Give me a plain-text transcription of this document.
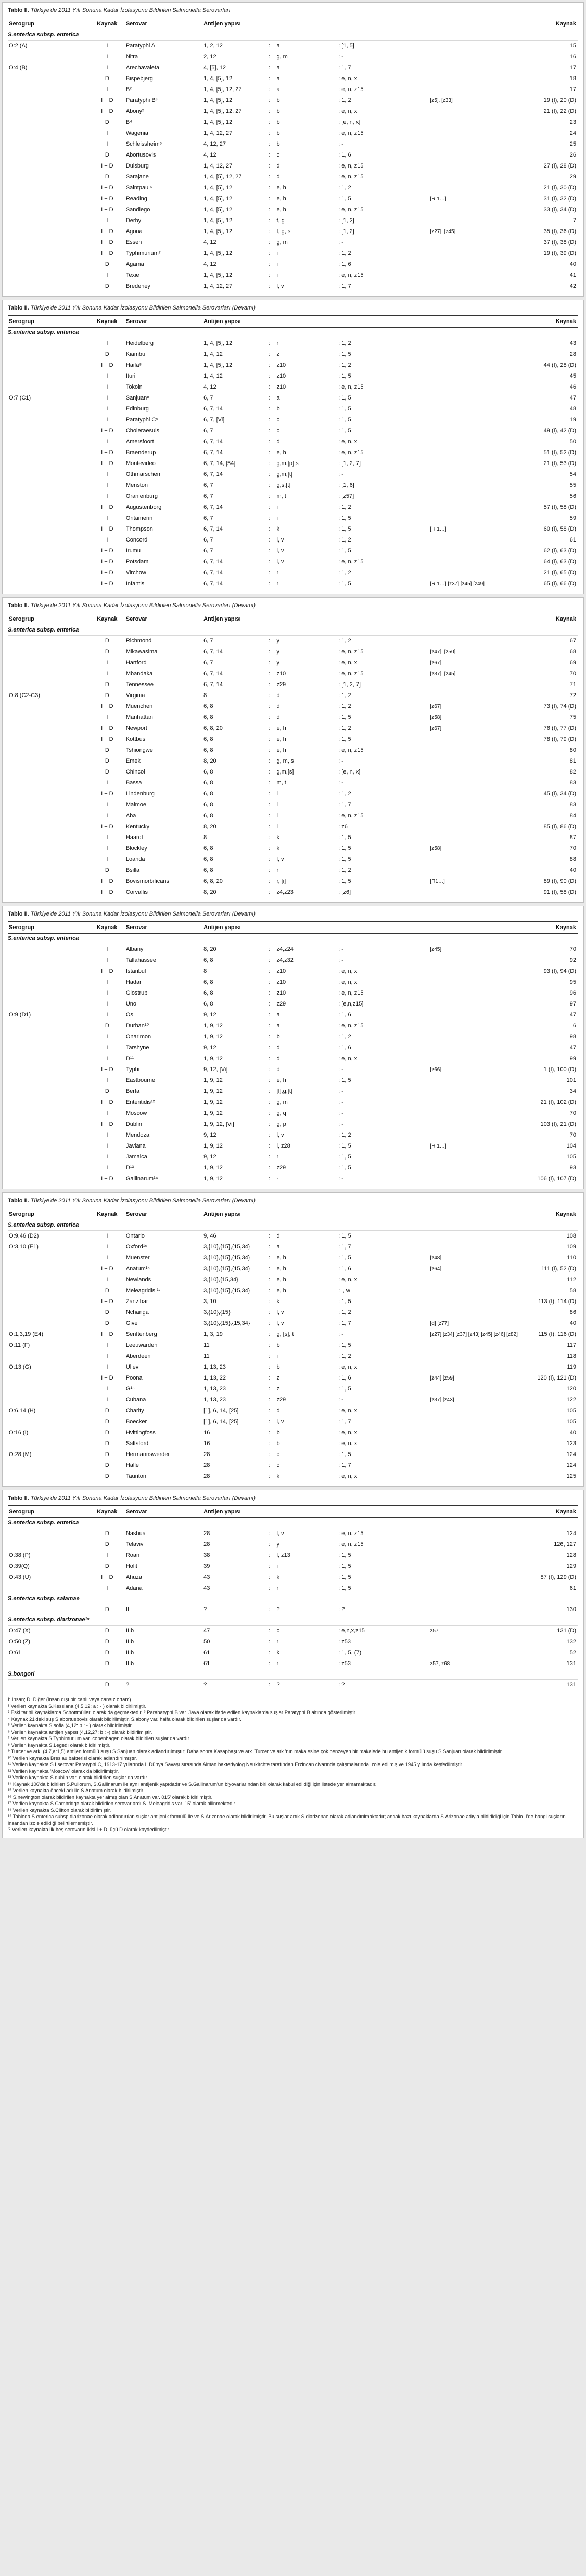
Tablo II. Türkiye'de 2011 Yılı Sonuna Kadar İzolasyonu Bildirilen Salmonella Serovarları
Serogrup	Kaynak	Serovar	Antijen yapısı	Kaynak
S.enterica subsp. enterica
O:2 (A)	I	Paratyphi A	1, 2, 12	:	a	: [1, 5]	15
I	Nitra	2, 12	:	g, m	: -	16
O:4 (B)	I	Arechavaleta	4, [5], 12	:	a	: 1, 7	17
D	Bispebjerg	1, 4, [5], 12	:	a	: e, n, x	18
I	B²	1, 4, [5], 12, 27	:	a	: e, n, z15	17
I + D	Paratyphi B³	1, 4, [5], 12	:	b	: 1, 2	[z5], [z33]	19 (I), 20 (D)
I + D	Abony²	1, 4, [5], 12, 27	:	b	: e, n, x	21 (I), 22 (D)
D	B⁴	1, 4, [5], 12	:	b	: [e, n, x]	23
I	Wagenia	1, 4, 12, 27	:	b	: e, n, z15	24
I	Schleissheim⁵	4, 12, 27	:	b	: -	25
D	Abortusovis	4, 12	:	c	: 1, 6	26
I + D	Duisburg	1, 4, 12, 27	:	d	: e, n, z15	27 (I), 28 (D)
D	Sarajane	1, 4, [5], 12, 27	:	d	: e, n, z15	29
I + D	Saintpaul⁶	1, 4, [5], 12	:	e, h	: 1, 2	21 (I), 30 (D)
I + D	Reading	1, 4, [5], 12	:	e, h	: 1, 5	[R 1…]	31 (I), 32 (D)
I + D	Sandiego	1, 4, [5], 12	:	e, h	: e, n, z15	33 (I), 34 (D)
I	Derby	1, 4, [5], 12	:	f, g	: [1, 2]	7
I + D	Agona	1, 4, [5], 12	:	f, g, s	: [1, 2]	[z27], [z45]	35 (I), 36 (D)
I + D	Essen	4, 12	:	g, m	: -	37 (I), 38 (D)
I + D	Typhimurium⁷	1, 4, [5], 12	:	i	: 1, 2	19 (I), 39 (D)
D	Agama	4, 12	:	i	: 1, 6	40
I	Texie	1, 4, [5], 12	:	i	: e, n, z15	41
D	Bredeney	1, 4, 12, 27	:	l, v	: 1, 7	42
Tablo II. Türkiye'de 2011 Yılı Sonuna Kadar İzolasyonu Bildirilen Salmonella Serovarları (Devamı)
Serogrup	Kaynak	Serovar	Antijen yapısı	Kaynak
S.enterica subsp. enterica
I	Heidelberg	1, 4, [5], 12	:	r	: 1, 2	43
D	Kiambu	1, 4, 12	:	z	: 1, 5	28
I + D	Haifa⁸	1, 4, [5], 12	:	z10	: 1, 2	44 (I), 28 (D)
I	Ituri	1, 4, 12	:	z10	: 1, 5	45
I	Tokoin	4, 12	:	z10	: e, n, z15	46
O:7 (C1)	I	Sanjuan⁸	6, 7	:	a	: 1, 5	47
I	Edinburg	6, 7, 14	:	b	: 1, 5	48
I	Paratyphi C⁹	6, 7, [Vi]	:	c	: 1, 5	19
I + D	Choleraesuis	6, 7	:	c	: 1, 5	49 (I), 42 (D)
I	Amersfoort	6, 7, 14	:	d	: e, n, x	50
I + D	Braenderup	6, 7, 14	:	e, h	: e, n, z15	51 (I), 52 (D)
I + D	Montevideo	6, 7, 14, [54]	:	g,m,[p],s	: [1, 2, 7]	21 (I), 53 (D)
I	Othmarschen	6, 7, 14	:	g,m,[t]	: -	54
I	Menston	6, 7	:	g,s,[t]	: [1, 6]	55
I	Oranienburg	6, 7	:	m, t	: [z57]	56
I + D	Augustenborg	6, 7, 14	:	i	: 1, 2	57 (I), 58 (D)
I	Oritamerin	6, 7	:	i	: 1, 5	59
I + D	Thompson	6, 7, 14	:	k	: 1, 5	[R 1…]	60 (I), 58 (D)
I	Concord	6, 7	:	l, v	: 1, 2	61
I + D	Irumu	6, 7	:	l, v	: 1, 5	62 (I), 63 (D)
I + D	Potsdam	6, 7, 14	:	l, v	: e, n, z15	64 (I), 63 (D)
I + D	Virchow	6, 7, 14	:	r	: 1, 2	21 (I), 65 (D)
I + D	Infantis	6, 7, 14	:	r	: 1, 5	[R 1…] [z37] [z45] [z49]	65 (I), 66 (D)
Tablo II. Türkiye'de 2011 Yılı Sonuna Kadar İzolasyonu Bildirilen Salmonella Serovarları (Devamı)
Serogrup	Kaynak	Serovar	Antijen yapısı	Kaynak
S.enterica subsp. enterica
D	Richmond	6, 7	:	y	: 1, 2	67
D	Mikawasima	6, 7, 14	:	y	: e, n, z15	[z47], [z50]	68
I	Hartford	6, 7	:	y	: e, n, x	[z67]	69
I	Mbandaka	6, 7, 14	:	z10	: e, n, z15	[z37], [z45]	70
D	Tennessee	6, 7, 14	:	z29	: [1, 2, 7]	71
O:8 (C2-C3)	D	Virginia	8	:	d	: 1, 2	72
I + D	Muenchen	6, 8	:	d	: 1, 2	[z67]	73 (I), 74 (D)
I	Manhattan	6, 8	:	d	: 1, 5	[z58]	75
I + D	Newport	6, 8, 20	:	e, h	: 1, 2	[z67]	76 (I), 77 (D)
I + D	Kottbus	6, 8	:	e, h	: 1, 5	78 (I), 79 (D)
D	Tshiongwe	6, 8	:	e, h	: e, n, z15	80
D	Emek	8, 20	:	g, m, s	: -	81
D	Chincol	6, 8	:	g,m,[s]	: [e, n, x]	82
I	Bassa	6, 8	:	m, t	: -	83
I + D	Lindenburg	6, 8	:	i	: 1, 2	45 (I), 34 (D)
I	Malmoe	6, 8	:	i	: 1, 7	83
I	Aba	6, 8	:	i	: e, n, z15	84
I + D	Kentucky	8, 20	:	i	: z6	85 (I), 86 (D)
I	Haardt	8	:	k	: 1, 5	87
I	Blockley	6, 8	:	k	: 1, 5	[z58]	70
I	Loanda	6, 8	:	l, v	: 1, 5	88
D	Bsilla	6, 8	:	r	: 1, 2	40
I + D	Bovismorbificans	6, 8, 20	:	r, [i]	: 1, 5	[R1…]	89 (I), 90 (D)
I + D	Corvallis	8, 20	:	z4,z23	: [z6]	91 (I), 58 (D)
Tablo II. Türkiye'de 2011 Yılı Sonuna Kadar İzolasyonu Bildirilen Salmonella Serovarları (Devamı)
Serogrup	Kaynak	Serovar	Antijen yapısı	Kaynak
S.enterica subsp. enterica
I	Albany	8, 20	:	z4,z24	: -	[z45]	70
I	Tallahassee	6, 8	:	z4,z32	: -	92
I + D	Istanbul	8	:	z10	: e, n, x	93 (I), 94 (D)
I	Hadar	6, 8	:	z10	: e, n, x	95
I	Glostrup	6, 8	:	z10	: e, n, z15	96
I	Uno	6, 8	:	z29	: [e,n,z15]	97
O:9 (D1)	I	Os	9, 12	:	a	: 1, 6	47
D	Durban¹⁰	1, 9, 12	:	a	: e, n, z15	6
I	Onarimon	1, 9, 12	:	b	: 1, 2	98
I	Tarshyne	9, 12	:	d	: 1, 6	47
I	D¹¹	1, 9, 12	:	d	: e, n, x	99
I + D	Typhi	9, 12, [Vi]	:	d	: -	[z66]	1 (I), 100 (D)
I	Eastbourne	1, 9, 12	:	e, h	: 1, 5	101
D	Berta	1, 9, 12	:	[f],g,[t]	: -	34
I + D	Enteritidis¹²	1, 9, 12	:	g, m	: -	21 (I), 102 (D)
I	Moscow	1, 9, 12	:	g, q	: -	70
I + D	Dublin	1, 9, 12, [Vi]	:	g, p	: -	103 (I), 21 (D)
I	Mendoza	9, 12	:	l, v	: 1, 2	70
I	Javiana	1, 9, 12	:	l, z28	: 1, 5	[R 1…]	104
I	Jamaica	9, 12	:	r	: 1, 5	105
I	D¹³	1, 9, 12	:	z29	: 1, 5	93
I + D	Gallinarum¹⁴	1, 9, 12	:	-	: -	106 (I), 107 (D)
Tablo II. Türkiye'de 2011 Yılı Sonuna Kadar İzolasyonu Bildirilen Salmonella Serovarları (Devamı)
Serogrup	Kaynak	Serovar	Antijen yapısı	Kaynak
S.enterica subsp. enterica
O:9,46 (D2)	I	Ontario	9, 46	:	d	: 1, 5	108
O:3,10 (E1)	I	Oxford¹⁵	3,{10},{15},{15,34}	:	a	: 1, 7	109
I	Muenster	3,{10},{15},{15,34}	:	e, h	: 1, 5	[z48]	110
I + D	Anatum¹⁶	3,{10},{15},{15,34}	:	e, h	: 1, 6	[z64]	111 (I), 52 (D)
I	Newlands	3,{10},{15,34}	:	e, h	: e, n, x	112
D	Meleagridis ¹⁷	3,{10},{15},{15,34}	:	e, h	: l, w	58
I + D	Zanzibar	3, 10	:	k	: 1, 5	113 (I), 114 (D)
D	Nchanga	3,{10},{15}	:	l, v	: 1, 2	86
D	Give	3,{10},{15},{15,34}	:	l, v	: 1, 7	[d] [z77]	40
O:1,3,19 (E4)	I + D	Senftenberg	1, 3, 19	:	g, [s], t	: -	[z27] [z34] [z37] [z43] [z45] [z46] [z82]	115 (I), 116 (D)
O:11 (F)	I	Leeuwarden	11	:	b	: 1, 5	117
I	Aberdeen	11	:	i	: 1, 2	118
O:13 (G)	I	Ullevi	1, 13, 23	:	b	: e, n, x	119
I + D	Poona	1, 13, 22	:	z	: 1, 6	[z44] [z59]	120 (I), 121 (D)
I	G¹⁸	1, 13, 23	:	z	: 1, 5	120
I	Cubana	1, 13, 23	:	z29	: -	[z37] [z43]	122
O:6,14 (H)	D	Charity	[1], 6, 14, [25]	:	d	: e, n, x	105
D	Boecker	[1], 6, 14, [25]	:	l, v	: 1, 7	105
O:16 (I)	D	Hvittingfoss	16	:	b	: e, n, x	40
D	Saltsford	16	:	b	: e, n, x	123
O:28 (M)	D	Hermannswerder	28	:	c	: 1, 5	124
D	Halle	28	:	c	: 1, 7	124
D	Taunton	28	:	k	: e, n, x	125
Tablo II. Türkiye'de 2011 Yılı Sonuna Kadar İzolasyonu Bildirilen Salmonella Serovarları (Devamı)
Serogrup	Kaynak	Serovar	Antijen yapısı	Kaynak
S.enterica subsp. enterica
D	Nashua	28	:	l, v	: e, n, z15	124
D	Telaviv	28	:	y	: e, n, z15	126, 127
O:38 (P)	I	Roan	38	:	l, z13	: 1, 5	128
O:39(Q)	D	Holit	39	:	i	: 1, 5	129
O:43 (U)	I + D	Ahuza	43	:	k	: 1, 5	87 (I), 129 (D)
I	Adana	43	:	r	: 1, 5	61
S.enterica subsp. salamae
D	II	?	:	?	: ?	130
S.enterica subsp. diarizonae¹⁹
O:47 (X)	D	IIIb	47	:	c	: e,n,x,z15	z57	131 (D)
O:50 (Z)	D	IIIb	50	:	r	: z53	132
O:61	D	IIIb	61	:	k	: 1, 5, (7)	52
D	IIIb	61	:	r	: z53	z57, z68	131
S.bongori
D	?	?	:	?	: ?	131

I: İnsan; D: Diğer (insan dışı bir canlı veya cansız ortam)

¹ Verilen kaynakta S.Kessiana (4,5,12: a : - ) olarak bildirilmiştir.

² Eski tarihli kaynaklarda Schottmülleri olarak da geçmektedir. ³ Parabatyphi B var. Java olarak ifade edilen kaynaklarda suşlar Paratyphi B altında gösterilmiştir.

⁴ Kaynak 21'deki suş S.abortusbovis olarak bildirilmiştir. S.abony var. haifa olarak bildirilen suşlar da vardır.

⁵ Verilen kaynakta S.sofia (4,12: b : - ) olarak bildirilmiştir.

⁶ Verilen kaynakta antijen yapısı (4,12,27: b : -) olarak bildirilmiştir.

⁷ Verilen kaynakta S.Typhimurium var. copenhagen olarak bildirilen suşlar da vardır.

⁸ Verilen kaynakta S.Legedı olarak bildirilmiştir.

⁹ Turcer ve ark. (4,7,a:1,5) antijen formülü suşu S.Sanjuan olarak adlandırılmıştır; Daha sonra Kasapbaşı ve ark. Turcer ve ark.'nın makalesine çok benzeyen bir makalede bu antijenik formülü suşu S.Sanjuan olarak bildirilmiştir.

¹⁰ Verilen kaynakta Breslau bakterisi olarak adlandırılmıştır.

¹¹ Verilen kaynakta S.I serovar Paratyphi C, 1913-17 yıllarında I. Dünya Savaşı sırasında Alman bakteriyolog Neukirchte tarafından Erzincan civarında çalışmalarında izole edilmiş ve 1945 yılında keşfedilmiştir.

¹² Verilen kaynakta 'Moscow' olarak da bildirilmiştir.

¹³ Verilen kaynakta S.dublin var. olarak bildirilen suşlar da vardır.

¹⁴ Kaynak 106'da bildirilen S.Pullorum, S.Gallinarum ile aynı antijenik yapıdadır ve S.Gallinarum'un biyovarlarından biri olarak kabul edildiği için listede yer almamaktadır.

¹⁵ Verilen kaynakta önceki adı ile S.Anatum olarak bildirilmiştir.

¹⁶ S.newington olarak bildirilen kaynakta yer almış olan S.Anatum var. 015' olarak bildirilmiştir.

¹⁷ Verilen kaynakta S.Cambridge olarak bildirilen serovar ardı S. Meleagridis var. 15' olarak bilinmektedir.

¹⁸ Verilen kaynakta S.Clifton olarak bildirilmiştir.

¹⁹ Tabloda S.enterica subsp.diarizonae olarak adlandırılan suşlar antijenik formülü ile ve S.Arizonae olarak bildirilmiştir. Bu suşlar artık S.diarizonae olarak adlandırılmaktadır; ancak bazı kaynaklarda S.Arizonae adıyla bildirildiği için Tablo II'de hangi suşların insandan izole edildiği belirtilememiştir.

? Verilen kaynakta ilk beş serovarın ikisi I + D, üçü D olarak kaydedilmiştir.
